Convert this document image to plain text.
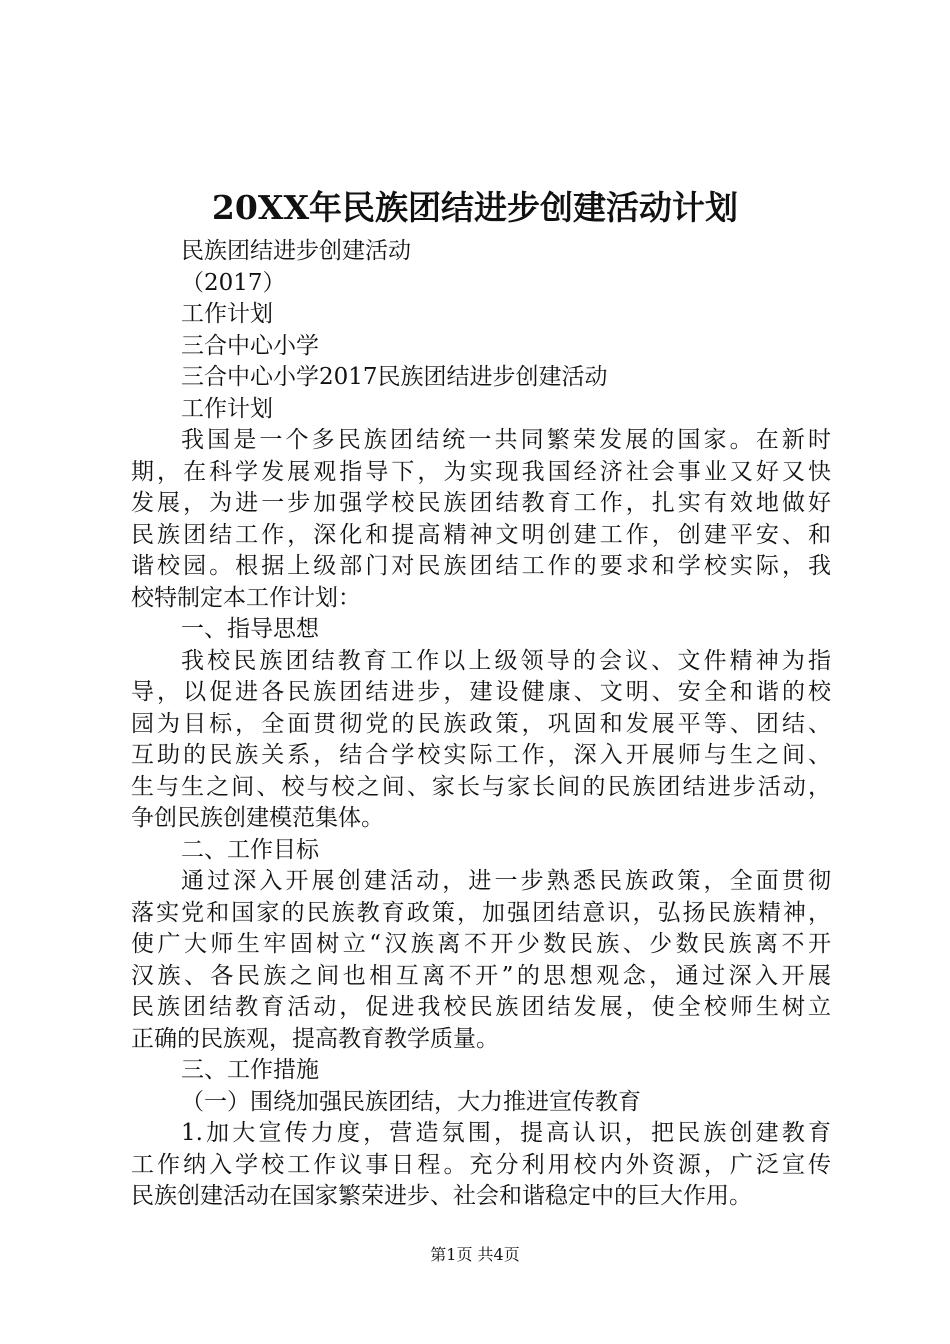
20XX年民族团结进步创建活动计划
民族团结进步创建活动
（2017）
工作计划
三合中心小学
三合中心小学2017民族团结进步创建活动
工作计划
我国是一个多民族团结统一共同繁荣发展的国家。在新时
期，在科学发展观指导下，为实现我国经济社会事业又好又快
发展，为进一步加强学校民族团结教育工作，扎实有效地做好
民族团结工作，深化和提高精神文明创建工作，创建平安、和
谐校园。根据上级部门对民族团结工作的要求和学校实际，我
校特制定本工作计划：
一、指导思想
我校民族团结教育工作以上级领导的会议、文件精神为指
导，以促进各民族团结进步，建设健康、文明、安全和谐的校
园为目标，全面贯彻党的民族政策，巩固和发展平等、团结、
互助的民族关系，结合学校实际工作，深入开展师与生之间、
生与生之间、校与校之间、家长与家长间的民族团结进步活动，
争创民族创建模范集体。
二、工作目标
通过深入开展创建活动，进一步熟悉民族政策，全面贯彻
落实党和国家的民族教育政策，加强团结意识，弘扬民族精神，
使广大师生牢固树立“汉族离不开少数民族、少数民族离不开
汉族、各民族之间也相互离不开”的思想观念，通过深入开展
民族团结教育活动，促进我校民族团结发展，使全校师生树立
正确的民族观，提高教育教学质量。
三、工作措施
（一）围绕加强民族团结，大力推进宣传教育
1.加大宣传力度，营造氛围，提高认识，把民族创建教育
工作纳入学校工作议事日程。充分利用校内外资源，广泛宣传
民族创建活动在国家繁荣进步、社会和谐稳定中的巨大作用。
第1页 共4页
